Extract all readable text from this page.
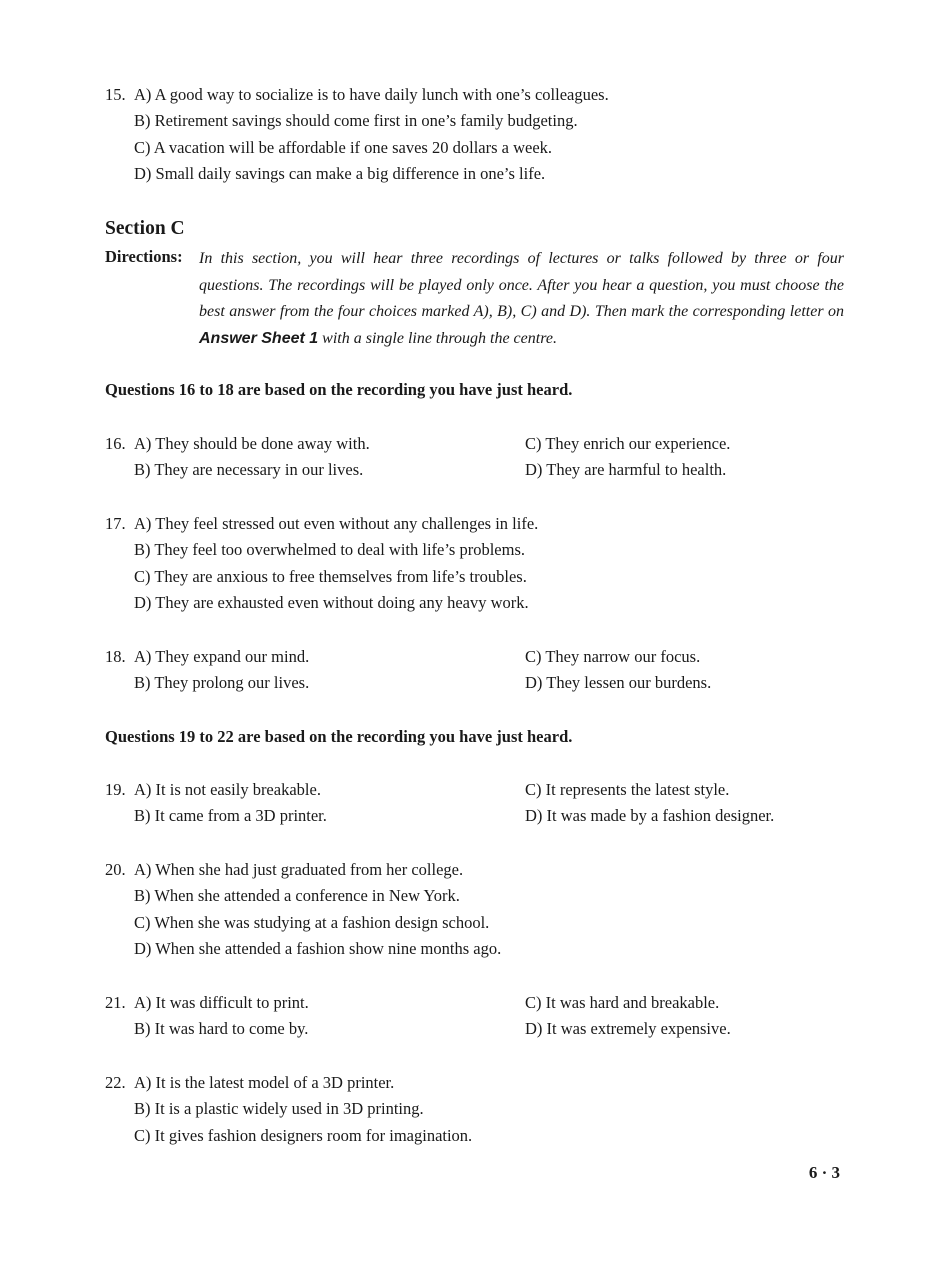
15. A) A good way to socialize is to have daily lunch with one’s colleagues.
B) Retirement savings should come first in one’s family budgeting.
C) A vacation will be affordable if one saves 20 dollars a week.
D) Small daily savings can make a big difference in one’s life.
Section C
Directions: In this section, you will hear three recordings of lectures or talks followed by three or four questions. The recordings will be played only once. After you hear a question, you must choose the best answer from the four choices marked A), B), C) and D). Then mark the corresponding letter on Answer Sheet 1 with a single line through the centre.
Questions 16 to 18 are based on the recording you have just heard.
16. A) They should be done away with.	C) They enrich our experience.
B) They are necessary in our lives.	D) They are harmful to health.
17. A) They feel stressed out even without any challenges in life.
B) They feel too overwhelmed to deal with life’s problems.
C) They are anxious to free themselves from life’s troubles.
D) They are exhausted even without doing any heavy work.
18. A) They expand our mind.	C) They narrow our focus.
B) They prolong our lives.	D) They lessen our burdens.
Questions 19 to 22 are based on the recording you have just heard.
19. A) It is not easily breakable.	C) It represents the latest style.
B) It came from a 3D printer.	D) It was made by a fashion designer.
20. A) When she had just graduated from her college.
B) When she attended a conference in New York.
C) When she was studying at a fashion design school.
D) When she attended a fashion show nine months ago.
21. A) It was difficult to print.	C) It was hard and breakable.
B) It was hard to come by.	D) It was extremely expensive.
22. A) It is the latest model of a 3D printer.
B) It is a plastic widely used in 3D printing.
C) It gives fashion designers room for imagination.
6 · 3
